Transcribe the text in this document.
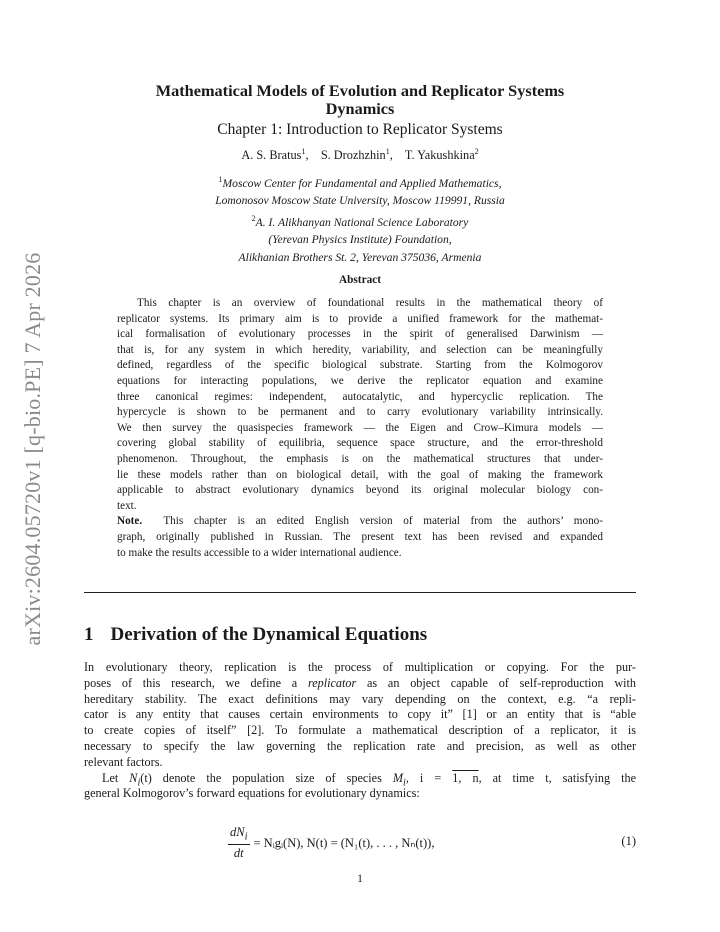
arXiv:2604.05720v1 [q-bio.PE] 7 Apr 2026
Mathematical Models of Evolution and Replicator Systems
Dynamics
Chapter 1: Introduction to Replicator Systems
A. S. Bratus$^1$,    S. Drozhzhin$^1$,    T. Yakushkina$^2$
$^1$Moscow Center for Fundamental and Applied Mathematics,
Lomonosov Moscow State University, Moscow 119991, Russia
$^2$A. I. Alikhanyan National Science Laboratory
(Yerevan Physics Institute) Foundation,
Alikhanian Brothers St. 2, Yerevan 375036, Armenia
Abstract
This chapter is an overview of foundational results in the mathematical theory of
replicator systems. Its primary aim is to provide a unified framework for the mathemat-
ical formalisation of evolutionary processes in the spirit of generalised Darwinism —
that is, for any system in which heredity, variability, and selection can be meaningfully
defined, regardless of the specific biological substrate. Starting from the Kolmogorov
equations for interacting populations, we derive the replicator equation and examine
three canonical regimes: independent, autocatalytic, and hypercyclic replication. The
hypercycle is shown to be permanent and to carry evolutionary variability intrinsically.
We then survey the quasispecies framework — the Eigen and Crow–Kimura models —
covering global stability of equilibria, sequence space structure, and the error-threshold
phenomenon. Throughout, the emphasis is on the mathematical structures that under-
lie these models rather than on biological detail, with the goal of making the framework
applicable to abstract evolutionary dynamics beyond its original molecular biology con-
text.
Note. This chapter is an edited English version of material from the authors’ mono-
graph, originally published in Russian. The present text has been revised and expanded
to make the results accessible to a wider international audience.
1 Derivation of the Dynamical Equations
In evolutionary theory, replication is the process of multiplication or copying. For the pur-
poses of this research, we define a replicator as an object capable of self-reproduction with
hereditary stability. The exact definitions may vary depending on the context, e.g. “a repli-
cator is any entity that causes certain environments to copy it” [1] or an entity that is “able
to create copies of itself” [2]. To formulate a mathematical description of a replicator, it is
necessary to specify the law governing the replication rate and precision, as well as other
relevant factors.
Let $N_i(t)$ denote the population size of species $M_i$, i = 1, n, at time t, satisfying the
general Kolmogorov’s forward equations for evolutionary dynamics:
$\frac{dN_i}{dt}$ = Nᵢgᵢ(N), N(t) = (N₁(t), . . . , Nₙ(t)),	(1)
1
